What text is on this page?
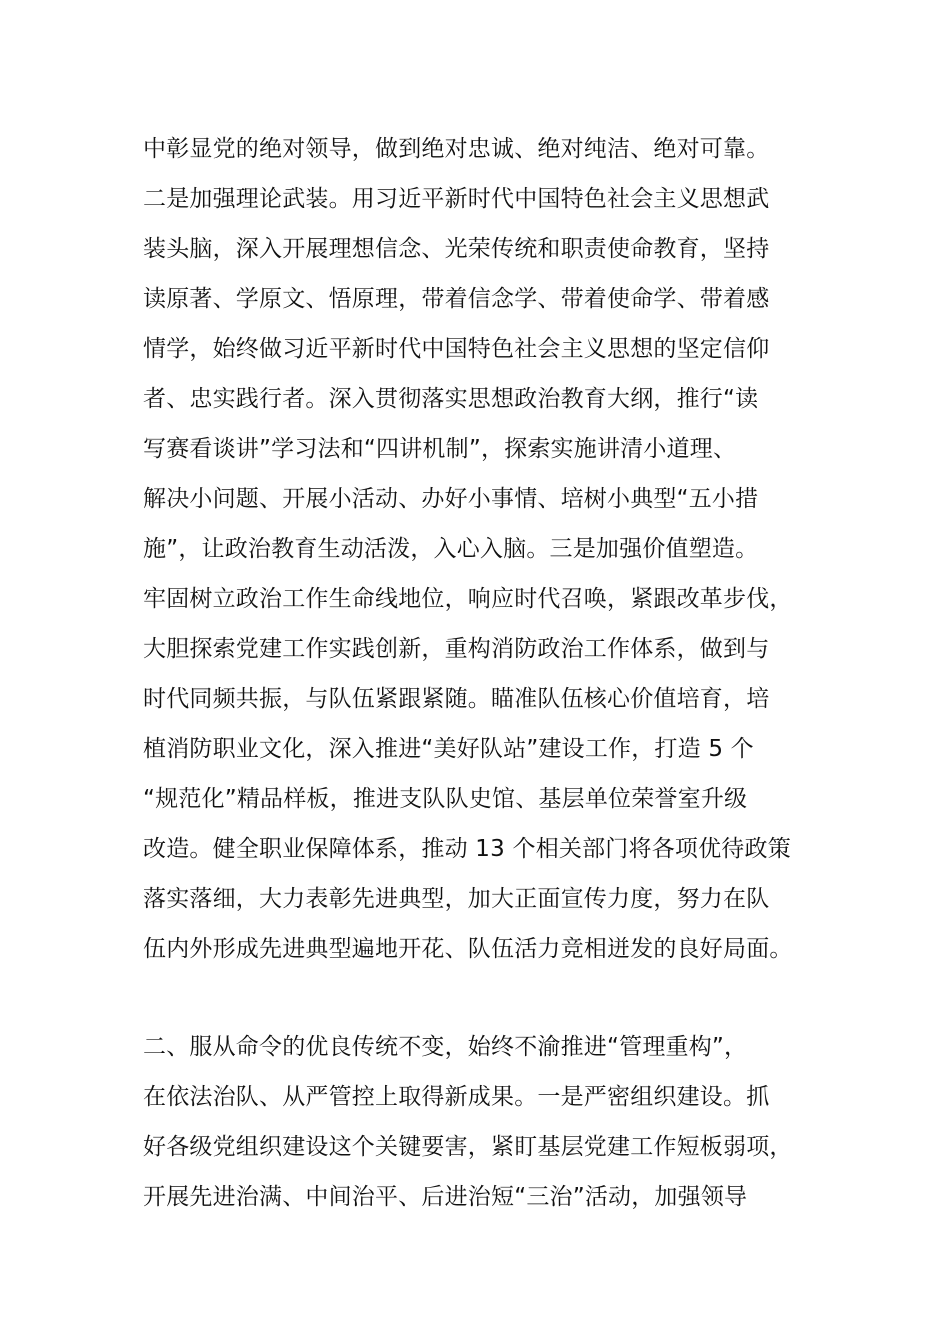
中彰显党的绝对领导，做到绝对忠诚、绝对纯洁、绝对可靠。
二是加强理论武装。用习近平新时代中国特色社会主义思想武
装头脑，深入开展理想信念、光荣传统和职责使命教育，坚持
读原著、学原文、悟原理，带着信念学、带着使命学、带着感
情学，始终做习近平新时代中国特色社会主义思想的坚定信仰
者、忠实践行者。深入贯彻落实思想政治教育大纲，推行“读
写赛看谈讲”学习法和“四讲机制”，探索实施讲清小道理、
解决小问题、开展小活动、办好小事情、培树小典型“五小措
施”，让政治教育生动活泼，入心入脑。三是加强价值塑造。
牢固树立政治工作生命线地位，响应时代召唤，紧跟改革步伐，
大胆探索党建工作实践创新，重构消防政治工作体系，做到与
时代同频共振，与队伍紧跟紧随。瞄准队伍核心价值培育，培
植消防职业文化，深入推进“美好队站”建设工作，打造 5 个
“规范化”精品样板，推进支队队史馆、基层单位荣誉室升级
改造。健全职业保障体系，推动 13 个相关部门将各项优待政策
落实落细，大力表彰先进典型，加大正面宣传力度，努力在队
伍内外形成先进典型遍地开花、队伍活力竞相迸发的良好局面。
二、服从命令的优良传统不变，始终不渝推进“管理重构”，
在依法治队、从严管控上取得新成果。一是严密组织建设。抓
好各级党组织建设这个关键要害，紧盯基层党建工作短板弱项，
开展先进治满、中间治平、后进治短“三治”活动，加强领导
